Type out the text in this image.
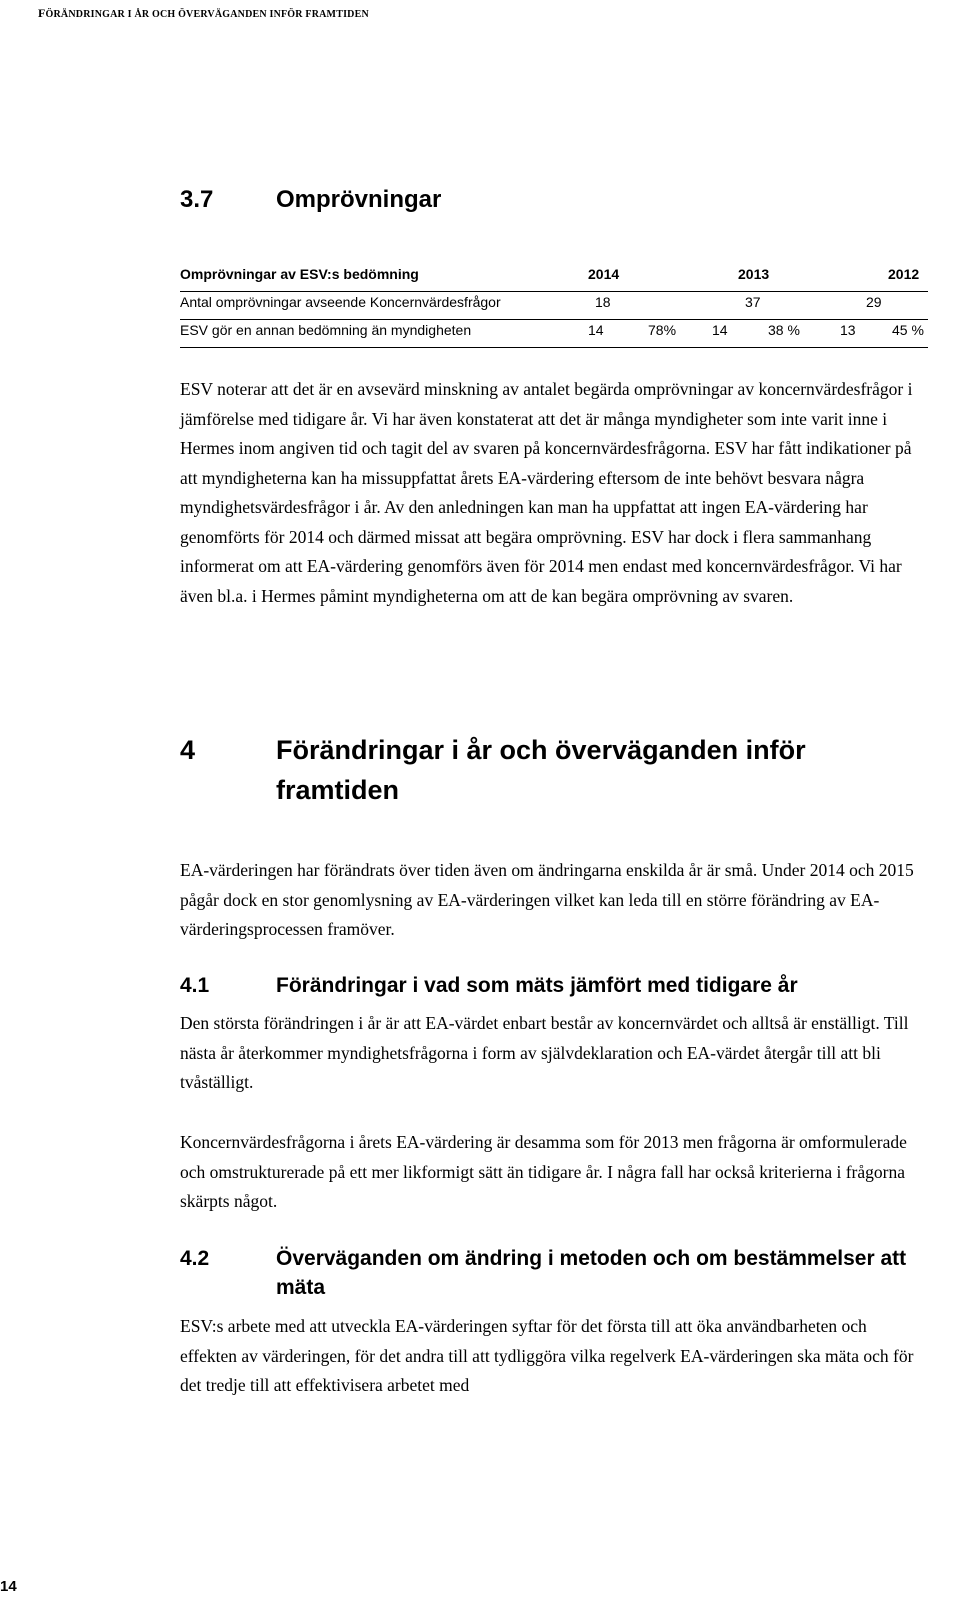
FÖRÄNDRINGAR I ÅR OCH ÖVERVÄGANDEN INFÖR FRAMTIDEN
3.7	Omprövningar
Omprövningar av ESV:s bedömning	2014	2013	2012
Antal omprövningar avseende Koncernvärdesfrågor	18	37	29
ESV gör en annan bedömning än myndigheten	14	78%	14	38 %	13	45 %

ESV noterar att det är en avsevärd minskning av antalet begärda omprövningar av koncernvärdesfrågor i jämförelse med tidigare år. Vi har även konstaterat att det är många myndigheter som inte varit inne i Hermes inom angiven tid och tagit del av svaren på koncernvärdesfrågorna. ESV har fått indikationer på att myndigheterna kan ha missuppfattat årets EA-värdering eftersom de inte behövt besvara några myndighetsvärdesfrågor i år. Av den anledningen kan man ha uppfattat att ingen EA-värdering har genomförts för 2014 och därmed missat att begära omprövning. ESV har dock i flera sammanhang informerat om att EA-värdering genomförs även för 2014 men endast med koncernvärdesfrågor. Vi har även bl.a. i Hermes påmint myndigheterna om att de kan begära omprövning av svaren.

4	Förändringar i år och överväganden inför framtiden

EA-värderingen har förändrats över tiden även om ändringarna enskilda år är små. Under 2014 och 2015 pågår dock en stor genomlysning av EA-värderingen vilket kan leda till en större förändring av EA-värderingsprocessen framöver.

4.1	Förändringar i vad som mäts jämfört med tidigare år

Den största förändringen i år är att EA-värdet enbart består av koncernvärdet och alltså är enställigt. Till nästa år återkommer myndighetsfrågorna i form av självdeklaration och EA-värdet återgår till att bli tvåställigt.

Koncernvärdesfrågorna i årets EA-värdering är desamma som för 2013 men frågorna är omformulerade och omstrukturerade på ett mer likformigt sätt än tidigare år. I några fall har också kriterierna i frågorna skärpts något.

4.2	Överväganden om ändring i metoden och om bestämmelser att mäta

ESV:s arbete med att utveckla EA-värderingen syftar för det första till att öka användbarheten och effekten av värderingen, för det andra till att tydliggöra vilka regelverk EA-värderingen ska mäta och för det tredje till att effektivisera arbetet med

14
